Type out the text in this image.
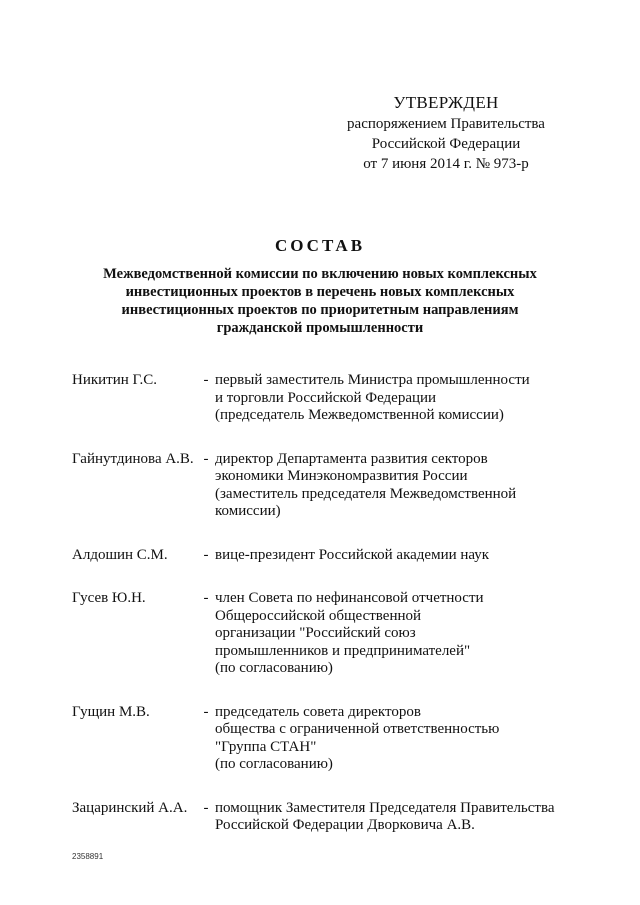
УТВЕРЖДЕН
распоряжением Правительства
Российской Федерации
от 7 июня 2014 г. № 973-р
СОСТАВ
Межведомственной комиссии по включению новых комплексных
инвестиционных проектов в перечень новых комплексных
инвестиционных проектов по приоритетным направлениям
гражданской промышленности
Никитин Г.С.	- первый заместитель Министра промышленности
и торговли Российской Федерации
(председатель Межведомственной комиссии)
Гайнутдинова А.В. - директор Департамента развития секторов
экономики Минэкономразвития России
(заместитель председателя Межведомственной
комиссии)
Алдошин С.М.	- вице-президент Российской академии наук
Гусев Ю.Н.	- член Совета по нефинансовой отчетности
Общероссийской общественной
организации "Российский союз
промышленников и предпринимателей"
(по согласованию)
Гущин М.В.	- председатель совета директоров
общества с ограниченной ответственностью
"Группа СТАН"
(по согласованию)
Зацаринский А.А.	- помощник Заместителя Председателя Правительства
Российской Федерации Дворковича А.В.
2358891
